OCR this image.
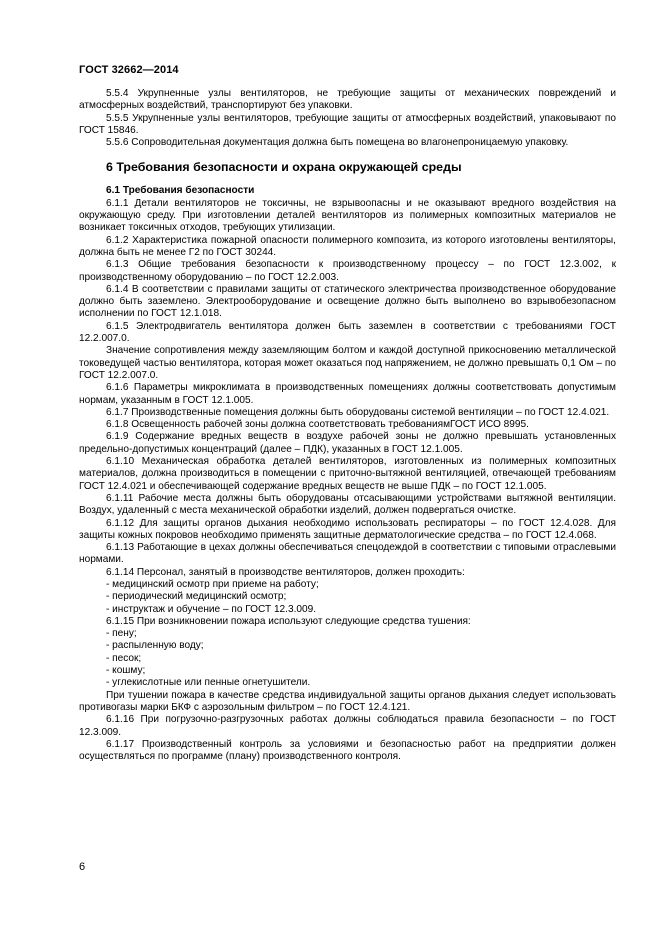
ГОСТ 32662—2014

5.5.4 Укрупненные узлы вентиляторов, не требующие защиты от механических повреждений и атмосферных воздействий, транспортируют без упаковки.

5.5.5 Укрупненные узлы вентиляторов, требующие защиты от атмосферных воздействий, упаковывают по ГОСТ 15846.

5.5.6 Сопроводительная документация должна быть помещена во влагонепроницаемую упаковку.

6 Требования безопасности и охрана окружающей среды

6.1 Требования безопасности

6.1.1 Детали вентиляторов не токсичны, не взрывоопасны и не оказывают вредного воздействия на окружающую среду. При изготовлении деталей вентиляторов из полимерных композитных материалов не возникает токсичных отходов, требующих утилизации.

6.1.2 Характеристика пожарной опасности полимерного композита, из которого изготовлены вентиляторы, должна быть не менее Г2 по ГОСТ 30244.

6.1.3 Общие требования безопасности к производственному процессу – по ГОСТ 12.3.002, к производственному оборудованию – по ГОСТ 12.2.003.

6.1.4 В соответствии с правилами защиты от статического электричества производственное оборудование должно быть заземлено. Электрооборудование и освещение должно быть выполнено во взрывобезопасном исполнении по ГОСТ 12.1.018.

6.1.5 Электродвигатель вентилятора должен быть заземлен в соответствии с требованиями ГОСТ 12.2.007.0.

Значение сопротивления между заземляющим болтом и каждой доступной прикосновению металлической токоведущей частью вентилятора, которая может оказаться под напряжением, не должно превышать 0,1 Ом – по ГОСТ 12.2.007.0.

6.1.6 Параметры микроклимата в производственных помещениях должны соответствовать допустимым нормам, указанным в ГОСТ 12.1.005.

6.1.7 Производственные помещения должны быть оборудованы системой вентиляции – по ГОСТ 12.4.021.

6.1.8 Освещенность рабочей зоны должна соответствовать требованиямГОСТ ИСО 8995.

6.1.9 Содержание вредных веществ в воздухе рабочей зоны не должно превышать установленных предельно-допустимых концентраций (далее – ПДК), указанных в ГОСТ 12.1.005.

6.1.10 Механическая обработка деталей вентиляторов, изготовленных из полимерных композитных материалов, должна производиться в помещении с приточно-вытяжной вентиляцией, отвечающей требованиям ГОСТ 12.4.021 и обеспечивающей содержание вредных веществ не выше ПДК – по ГОСТ 12.1.005.

6.1.11 Рабочие места должны быть оборудованы отсасывающими устройствами вытяжной вентиляции. Воздух, удаленный с места механической обработки изделий, должен подвергаться очистке.

6.1.12 Для защиты органов дыхания необходимо использовать респираторы – по ГОСТ 12.4.028. Для защиты кожных покровов необходимо применять защитные дерматологические средства – по ГОСТ 12.4.068.

6.1.13 Работающие в цехах должны обеспечиваться спецодеждой в соответствии с типовыми отраслевыми нормами.

6.1.14 Персонал, занятый в производстве вентиляторов, должен проходить:

- медицинский осмотр при приеме на работу;

- периодический медицинский осмотр;

- инструктаж и обучение – по ГОСТ 12.3.009.

6.1.15 При возникновении пожара используют следующие средства тушения:

- пену;

- распыленную воду;

- песок;

- кошму;

- углекислотные или пенные огнетушители.

При тушении пожара в качестве средства индивидуальной защиты органов дыхания следует использовать противогазы марки БКФ с аэрозольным фильтром – по ГОСТ 12.4.121.

6.1.16 При погрузочно-разгрузочных работах должны соблюдаться правила безопасности – по ГОСТ 12.3.009.

6.1.17 Производственный контроль за условиями и безопасностью работ на предприятии должен осуществляться по программе (плану) производственного контроля.

6
